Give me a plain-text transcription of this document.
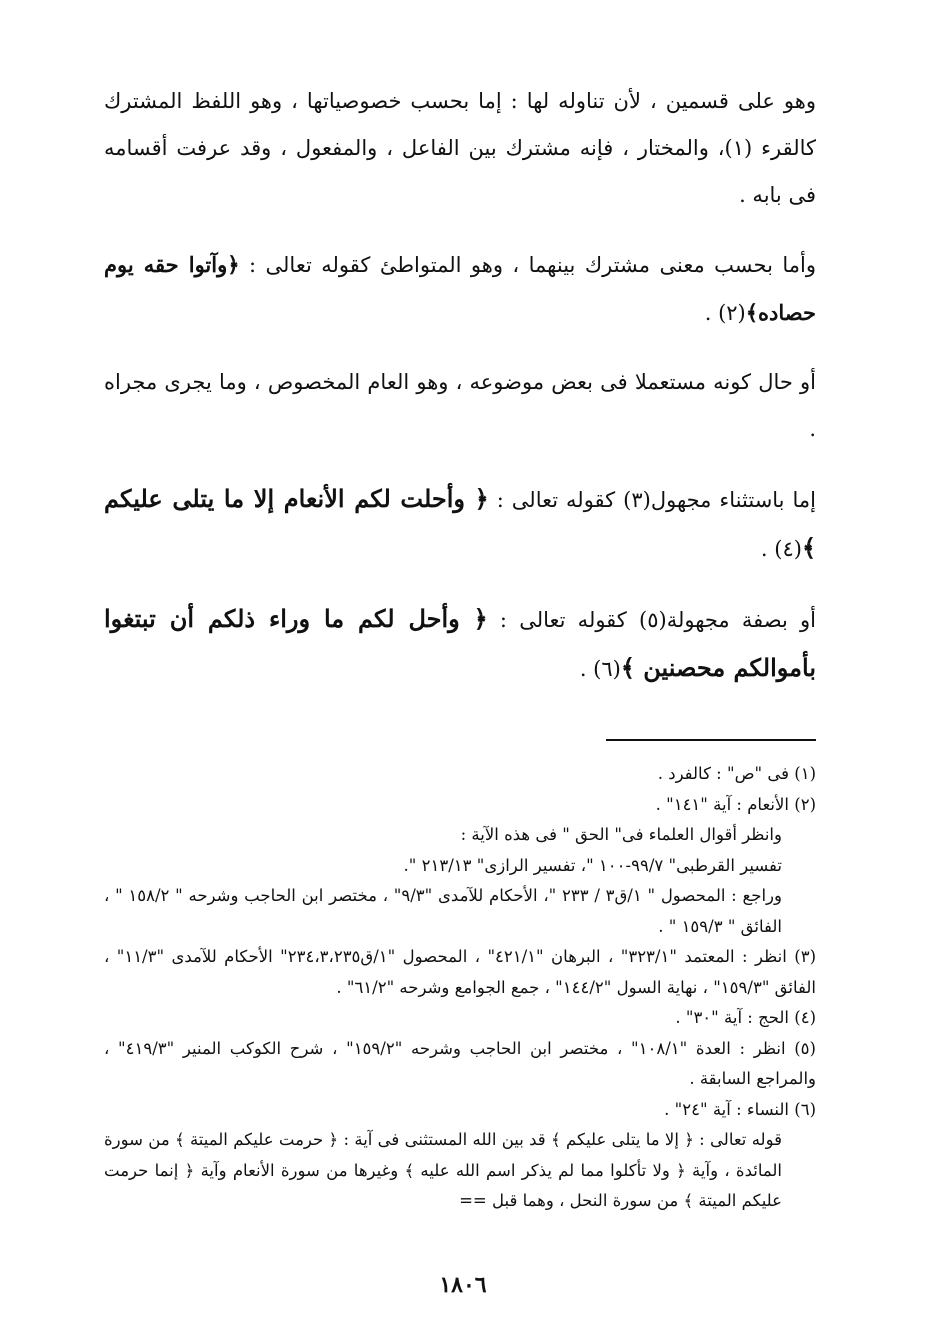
وهو على قسمين ، لأن تناوله لها : إما بحسب خصوصياتها ، وهو اللفظ المشترك كالقرء (١)، والمختار ، فإنه مشترك بين الفاعل ، والمفعول ، وقد عرفت أقسامه فى بابه .

وأما بحسب معنى مشترك بينهما ، وهو المتواطئ كقوله تعالى : ﴿وآتوا حقه يوم حصاده﴾(٢) .

أو حال كونه مستعملا فى بعض موضوعه ، وهو العام المخصوص ، وما يجرى مجراه .

إما باستثناء مجهول(٣) كقوله تعالى : ﴿ وأحلت لكم الأنعام إلا ما يتلى عليكم ﴾(٤) .

أو بصفة مجهولة(٥) كقوله تعالى : ﴿ وأحل لكم ما وراء ذلكم أن تبتغوا بأموالكم محصنين ﴾(٦) .

(١) فى "ص" : كالفرد .

(٢) الأنعام : آية "١٤١" .

وانظر أقوال العلماء فى" الحق " فى هذه الآية :

تفسير القرطبى" ٩٩/٧-١٠٠ "، تفسير الرازى" ٢١٣/١٣ ".

وراجع : المحصول " ١/ق٣ / ٢٣٣ "، الأحكام للآمدى "٩/٣" ، مختصر ابن الحاجب وشرحه " ١٥٨/٢ " ، الفائق " ١٥٩/٣ " .

(٣) انظر : المعتمد "٣٢٣/١" ، البرهان "٤٢١/١" ، المحصول "١/ق٢٣٤،٣،٢٣٥" الأحكام للآمدى "١١/٣" ، الفائق "١٥٩/٣" ، نهاية السول "١٤٤/٢" ، جمع الجوامع وشرحه "٦١/٢" .

(٤) الحج : آية "٣٠" .

(٥) انظر : العدة "١٠٨/١" ، مختصر ابن الحاجب وشرحه "١٥٩/٢" ، شرح الكوكب المنير "٤١٩/٣" ، والمراجع السابقة .

(٦) النساء : آية "٢٤" .

قوله تعالى : ﴿ إلا ما يتلى عليكم ﴾ قد بين الله المستثنى فى آية : ﴿ حرمت عليكم الميتة ﴾ من سورة المائدة ، وآية ﴿ ولا تأكلوا مما لم يذكر اسم الله عليه ﴾ وغيرها من سورة الأنعام وآية ﴿ إنما حرمت عليكم الميتة ﴾ من سورة النحل ، وهما قبل ==

١٨٠٦
